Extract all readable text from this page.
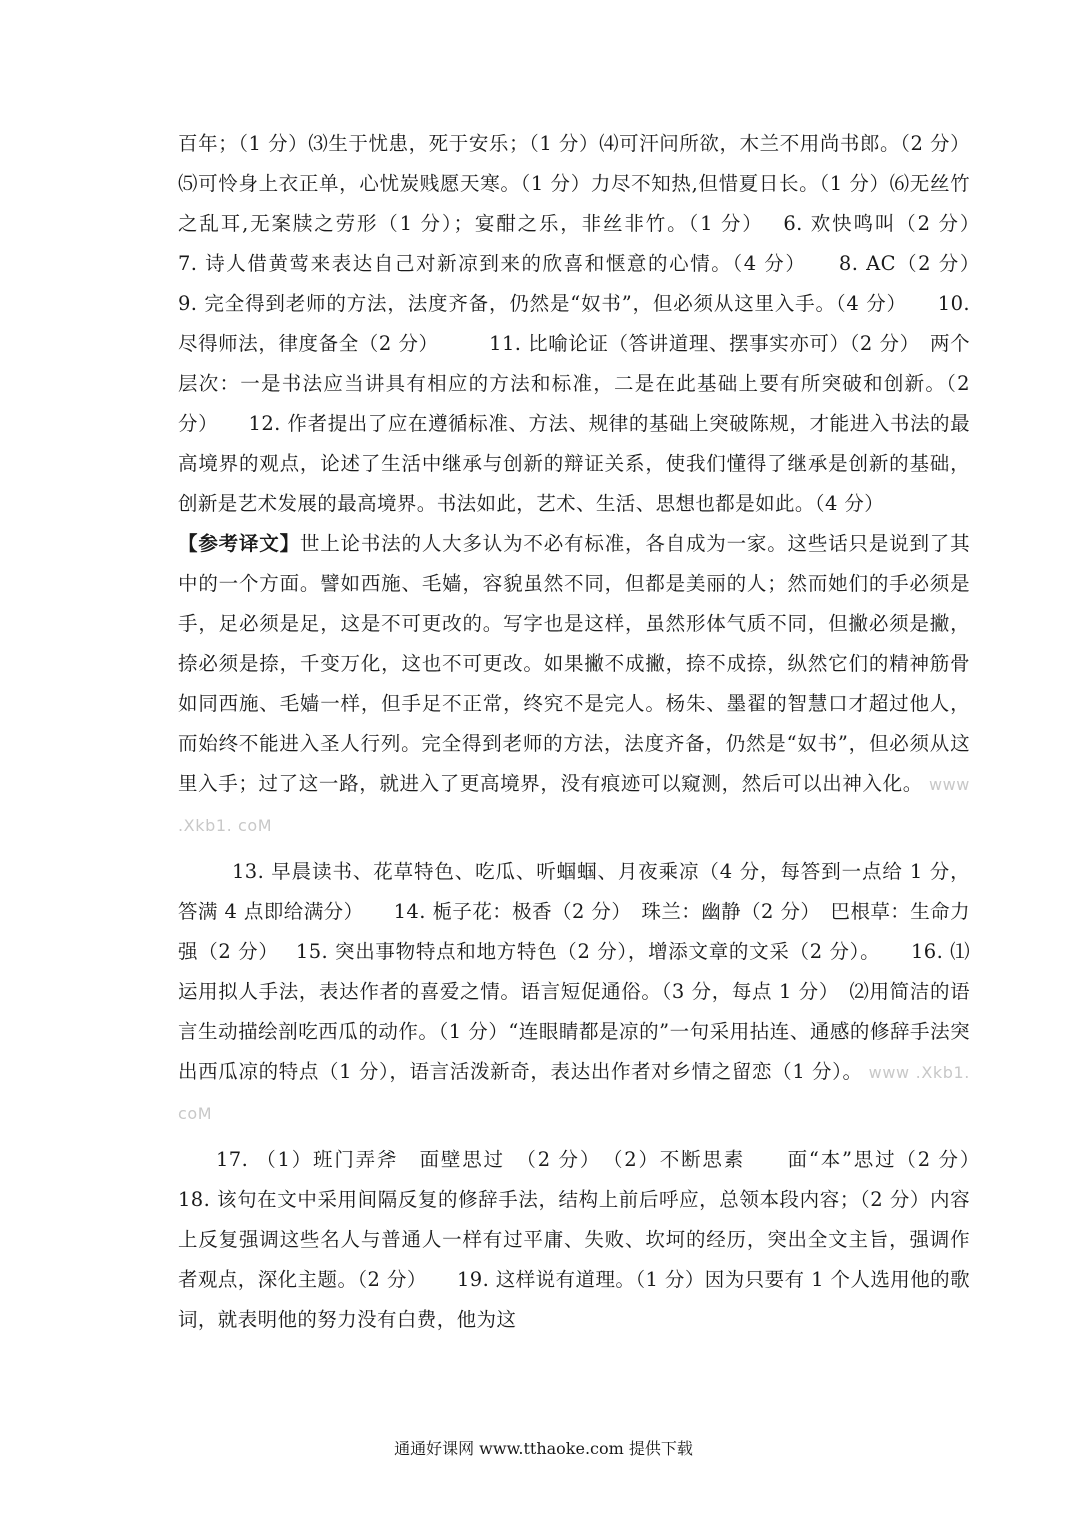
百年；（1 分）⑶生于忧患，死于安乐；（1 分）⑷可汗问所欲，木兰不用尚书郎。（2 分）⑸可怜身上衣正单，心忧炭贱愿天寒。（1 分）力尽不知热,但惜夏日长。（1 分）⑹无丝竹之乱耳,无案牍之劳形（1 分）；宴酣之乐，非丝非竹。（1 分）　 6. 欢快鸣叫（2 分）　　7. 诗人借黄莺来表达自己对新凉到来的欣喜和惬意的心情。（4 分）　　8. AC（2 分）　　　9. 完全得到老师的方法，法度齐备，仍然是“奴书”，但必须从这里入手。（4 分）　　10. 尽得师法，律度备全（2 分）　　　11. 比喻论证（答讲道理、摆事实亦可）（2 分）　两个层次：一是书法应当讲具有相应的方法和标准，二是在此基础上要有所突破和创新。（2 分）　　12. 作者提出了应在遵循标准、方法、规律的基础上突破陈规，才能进入书法的最高境界的观点，论述了生活中继承与创新的辩证关系，使我们懂得了继承是创新的基础，创新是艺术发展的最高境界。书法如此，艺术、生活、思想也都是如此。（4 分）

【参考译文】世上论书法的人大多认为不必有标准，各自成为一家。这些话只是说到了其中的一个方面。譬如西施、毛嫱，容貌虽然不同，但都是美丽的人；然而她们的手必须是手，足必须是足，这是不可更改的。写字也是这样，虽然形体气质不同，但撇必须是撇，捺必须是捺，千变万化，这也不可更改。如果撇不成撇，捺不成捺，纵然它们的精神筋骨如同西施、毛嫱一样，但手足不正常，终究不是完人。杨朱、墨翟的智慧口才超过他人，而始终不能进入圣人行列。完全得到老师的方法，法度齐备，仍然是“奴书”，但必须从这里入手；过了这一路，就进入了更高境界，没有痕迹可以窥测，然后可以出神入化。 www .Xkb1. coM

13. 早晨读书、花草特色、吃瓜、听蝈蝈、月夜乘凉（4 分，每答到一点给 1 分，答满 4 点即给满分）　　14. 栀子花：极香（2 分）　珠兰：幽静（2 分）　巴根草：生命力强（2 分）　 15. 突出事物特点和地方特色（2 分），增添文章的文采（2 分）。　　16. ⑴运用拟人手法，表达作者的喜爱之情。语言短促通俗。（3 分，每点 1 分）　⑵用简洁的语言生动描绘剖吃西瓜的动作。（1 分）“连眼睛都是凉的”一句采用拈连、通感的修辞手法突出西瓜凉的特点（1 分），语言活泼新奇，表达出作者对乡情之留恋（1 分）。 www .Xkb1. coM

17. （1）班门弄斧　面壁思过　（2 分）　（2）不断思素　　面“本”思过（2 分）　　　18. 该句在文中采用间隔反复的修辞手法，结构上前后呼应，总领本段内容；（2 分）内容上反复强调这些名人与普通人一样有过平庸、失败、坎坷的经历，突出全文主旨，强调作者观点，深化主题。（2 分）　　19. 这样说有道理。（1 分）因为只要有 1 个人选用他的歌词，就表明他的努力没有白费，他为这

通通好课网 www.tthaoke.com 提供下载
